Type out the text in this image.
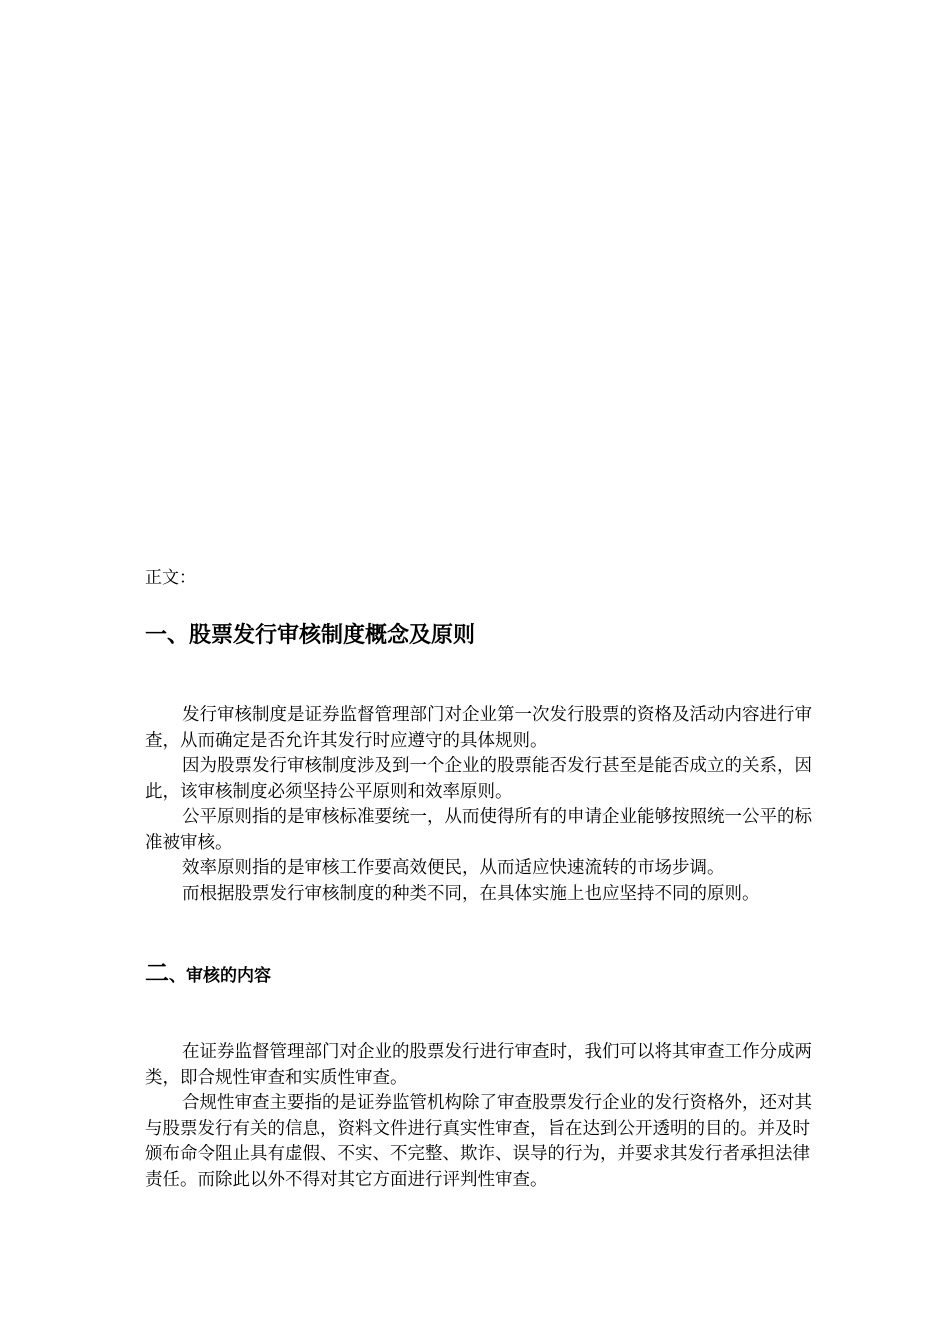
正文：
一、股票发行审核制度概念及原则

发行审核制度是证券监督管理部门对企业第一次发行股票的资格及活动内容进行审查，从而确定是否允许其发行时应遵守的具体规则。

因为股票发行审核制度涉及到一个企业的股票能否发行甚至是能否成立的关系，因此，该审核制度必须坚持公平原则和效率原则。

公平原则指的是审核标准要统一，从而使得所有的申请企业能够按照统一公平的标准被审核。

效率原则指的是审核工作要高效便民，从而适应快速流转的市场步调。

而根据股票发行审核制度的种类不同，在具体实施上也应坚持不同的原则。

二、审核的内容

在证券监督管理部门对企业的股票发行进行审查时，我们可以将其审查工作分成两类，即合规性审查和实质性审查。

合规性审查主要指的是证券监管机构除了审查股票发行企业的发行资格外，还对其与股票发行有关的信息，资料文件进行真实性审查，旨在达到公开透明的目的。并及时颁布命令阻止具有虚假、不实、不完整、欺诈、误导的行为，并要求其发行者承担法律责任。而除此以外不得对其它方面进行评判性审查。
